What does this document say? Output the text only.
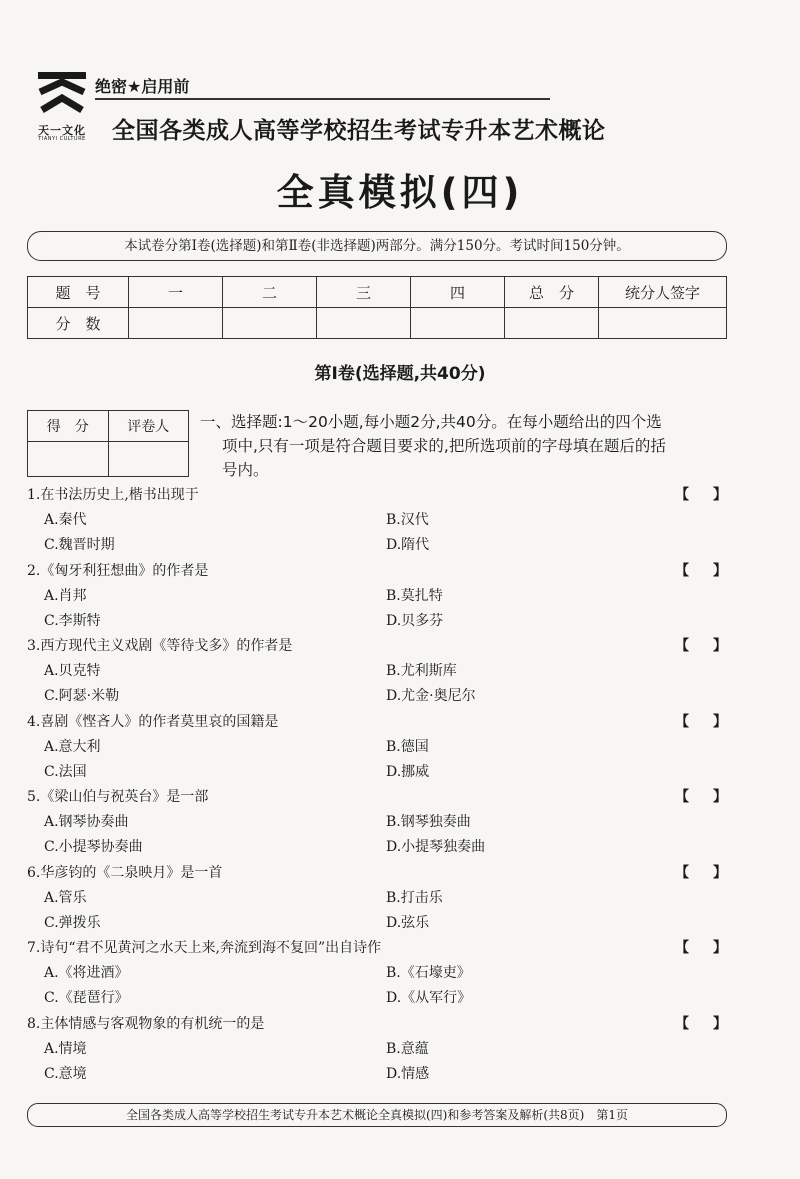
天一文化
TIANYI CULTURE
绝密★启用前
全国各类成人高等学校招生考试专升本艺术概论
全真模拟(四)
本试卷分第Ⅰ卷(选择题)和第Ⅱ卷(非选择题)两部分。满分150分。考试时间150分钟。
题　号	一	二	三	四	总　分	统分人签字
分　数						
第Ⅰ卷(选择题,共40分)
得　分	评卷人
	一、选择题:1～20小题,每小题2分,共40分。在每小题给出的四个选
项中,只有一项是符合题目要求的,把所选项前的字母填在题后的括
号内。
1.在书法历史上,楷书出现于	【 】
A.秦代	B.汉代
C.魏晋时期	D.隋代
2.《匈牙利狂想曲》的作者是	【 】
A.肖邦	B.莫扎特
C.李斯特	D.贝多芬
3.西方现代主义戏剧《等待戈多》的作者是	【 】
A.贝克特	B.尤利斯库
C.阿瑟·米勒	D.尤金·奥尼尔
4.喜剧《悭吝人》的作者莫里哀的国籍是	【 】
A.意大利	B.德国
C.法国	D.挪威
5.《梁山伯与祝英台》是一部	【 】
A.钢琴协奏曲	B.钢琴独奏曲
C.小提琴协奏曲	D.小提琴独奏曲
6.华彦钧的《二泉映月》是一首	【 】
A.管乐	B.打击乐
C.弹拨乐	D.弦乐
7.诗句“君不见黄河之水天上来,奔流到海不复回”出自诗作	【 】
A.《将进酒》	B.《石壕吏》
C.《琵琶行》	D.《从军行》
8.主体情感与客观物象的有机统一的是	【 】
A.情境	B.意蕴
C.意境	D.情感
全国各类成人高等学校招生考试专升本艺术概论全真模拟(四)和参考答案及解析(共8页)　第1页
